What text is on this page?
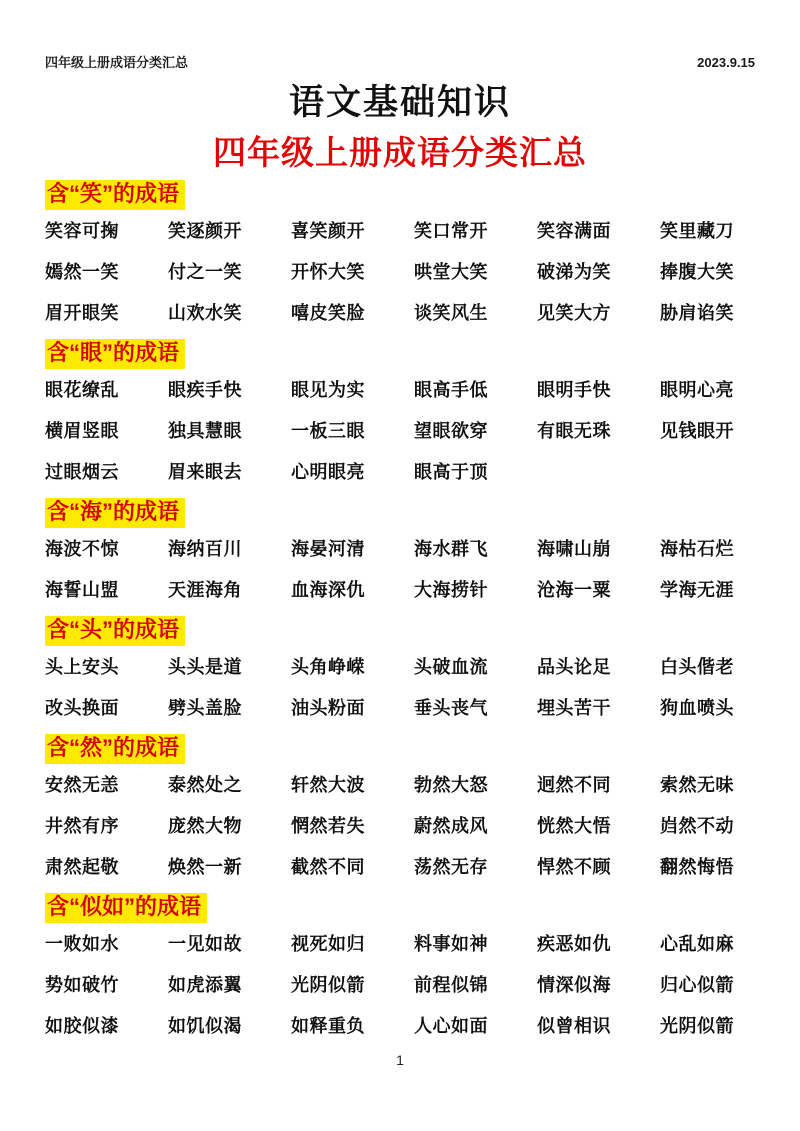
四年级上册成语分类汇总	2023.9.15
语文基础知识
四年级上册成语分类汇总
含“笑”的成语
笑容可掬	笑逐颜开	喜笑颜开	笑口常开	笑容满面	笑里藏刀
嫣然一笑	付之一笑	开怀大笑	哄堂大笑	破涕为笑	捧腹大笑
眉开眼笑	山欢水笑	嘻皮笑脸	谈笑风生	见笑大方	胁肩谄笑
含“眼”的成语
眼花缭乱	眼疾手快	眼见为实	眼高手低	眼明手快	眼明心亮
横眉竖眼	独具慧眼	一板三眼	望眼欲穿	有眼无珠	见钱眼开
过眼烟云	眉来眼去	心明眼亮	眼高于顶
含“海”的成语
海波不惊	海纳百川	海晏河清	海水群飞	海啸山崩	海枯石烂
海誓山盟	天涯海角	血海深仇	大海捞针	沧海一粟	学海无涯
含“头”的成语
头上安头	头头是道	头角峥嵘	头破血流	品头论足	白头偕老
改头换面	劈头盖脸	油头粉面	垂头丧气	埋头苦干	狗血喷头
含“然”的成语
安然无恙	泰然处之	轩然大波	勃然大怒	迥然不同	索然无味
井然有序	庞然大物	惘然若失	蔚然成风	恍然大悟	岿然不动
肃然起敬	焕然一新	截然不同	荡然无存	悍然不顾	翻然悔悟
含“似如”的成语
一败如水	一见如故	视死如归	料事如神	疾恶如仇	心乱如麻
势如破竹	如虎添翼	光阴似箭	前程似锦	情深似海	归心似箭
如胶似漆	如饥似渴	如释重负	人心如面	似曾相识	光阴似箭
1
